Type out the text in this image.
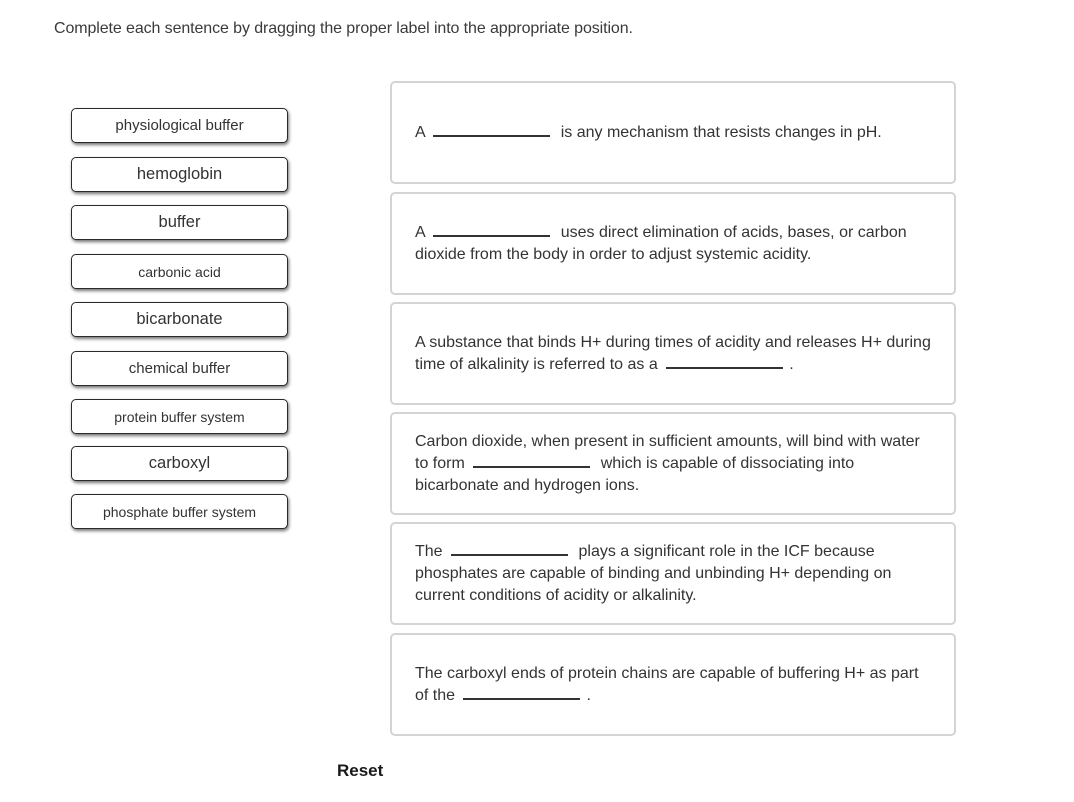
Complete each sentence by dragging the proper label into the appropriate position.
physiological buffer
hemoglobin
buffer
carbonic acid
bicarbonate
chemical buffer
protein buffer system
carboxyl
phosphate buffer system
A	is any mechanism that resists changes in pH.
A	uses direct elimination of acids, bases, or carbon dioxide from the body in order to adjust systemic acidity.
A substance that binds H+ during times of acidity and releases H+ during time of alkalinity is referred to as a	.
Carbon dioxide, when present in sufficient amounts, will bind with water to form	which is capable of dissociating into bicarbonate and hydrogen ions.
The	plays a significant role in the ICF because phosphates are capable of binding and unbinding H+ depending on current conditions of acidity or alkalinity.
The carboxyl ends of protein chains are capable of buffering H+ as part of the	.
Reset
